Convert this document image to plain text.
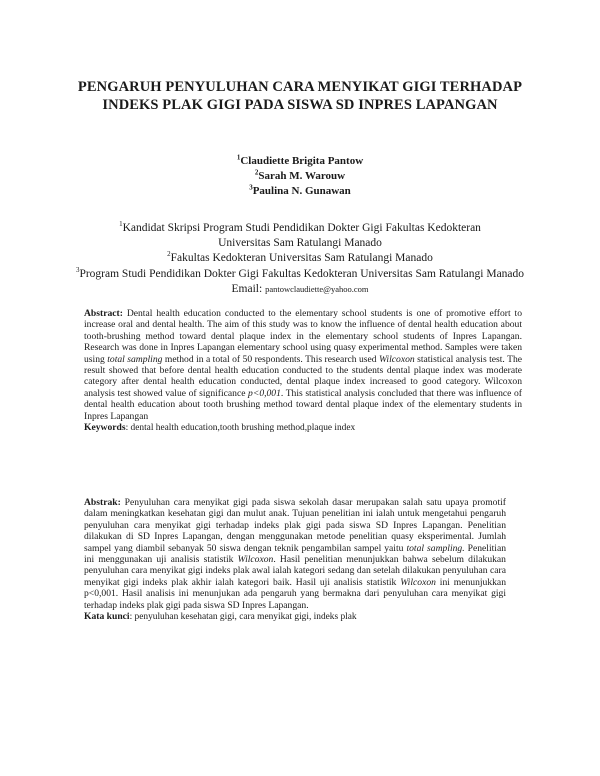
PENGARUH PENYULUHAN CARA MENYIKAT GIGI TERHADAP
INDEKS PLAK GIGI PADA SISWA SD INPRES LAPANGAN
$^1$Claudiette Brigita Pantow
$^2$Sarah M. Warouw
$^3$Paulina N. Gunawan
$^1$Kandidat Skripsi Program Studi Pendidikan Dokter Gigi Fakultas Kedokteran
Universitas Sam Ratulangi Manado
$^2$Fakultas Kedokteran Universitas Sam Ratulangi Manado
$^3$Program Studi Pendidikan Dokter Gigi Fakultas Kedokteran Universitas Sam Ratulangi Manado
Email: pantowclaudiette@yahoo.com
Abstract: Dental health education conducted to the elementary school students is one of promotive effort to increase oral and dental health. The aim of this study was to know the influence of dental health education about tooth-brushing method toward dental plaque index in the elementary school students of Inpres Lapangan. Research was done in Inpres Lapangan elementary school using quasy experimental method. Samples were taken using total sampling method in a total of 50 respondents. This research used Wilcoxon statistical analysis test. The result showed that before dental health education conducted to the students dental plaque index was moderate category after dental health education conducted, dental plaque index increased to good category. Wilcoxon analysis test showed value of significance p<0,001. This statistical analysis concluded that there was influence of dental health education about tooth brushing method toward dental plaque index of the elementary students in Inpres Lapangan
Keywords: dental health education,tooth brushing method,plaque index
Abstrak: Penyuluhan cara menyikat gigi pada siswa sekolah dasar merupakan salah satu upaya promotif dalam meningkatkan kesehatan gigi dan mulut anak. Tujuan penelitian ini ialah untuk mengetahui pengaruh penyuluhan cara menyikat gigi terhadap indeks plak gigi pada siswa SD Inpres Lapangan. Penelitian dilakukan di SD Inpres Lapangan, dengan menggunakan metode penelitian quasy eksperimental. Jumlah sampel yang diambil sebanyak 50 siswa dengan teknik pengambilan sampel yaitu total sampling. Penelitian ini menggunakan uji analisis statistik Wilcoxon. Hasil penelitian menunjukkan bahwa sebelum dilakukan penyuluhan cara menyikat gigi indeks plak awal ialah kategori sedang dan setelah dilakukan penyuluhan cara menyikat gigi indeks plak akhir ialah kategori baik. Hasil uji analisis statistik Wilcoxon ini menunjukkan p<0,001. Hasil analisis ini menunjukan ada pengaruh yang bermakna dari penyuluhan cara menyikat gigi terhadap indeks plak gigi pada siswa SD Inpres Lapangan.
Kata kunci: penyuluhan kesehatan gigi, cara menyikat gigi, indeks plak
